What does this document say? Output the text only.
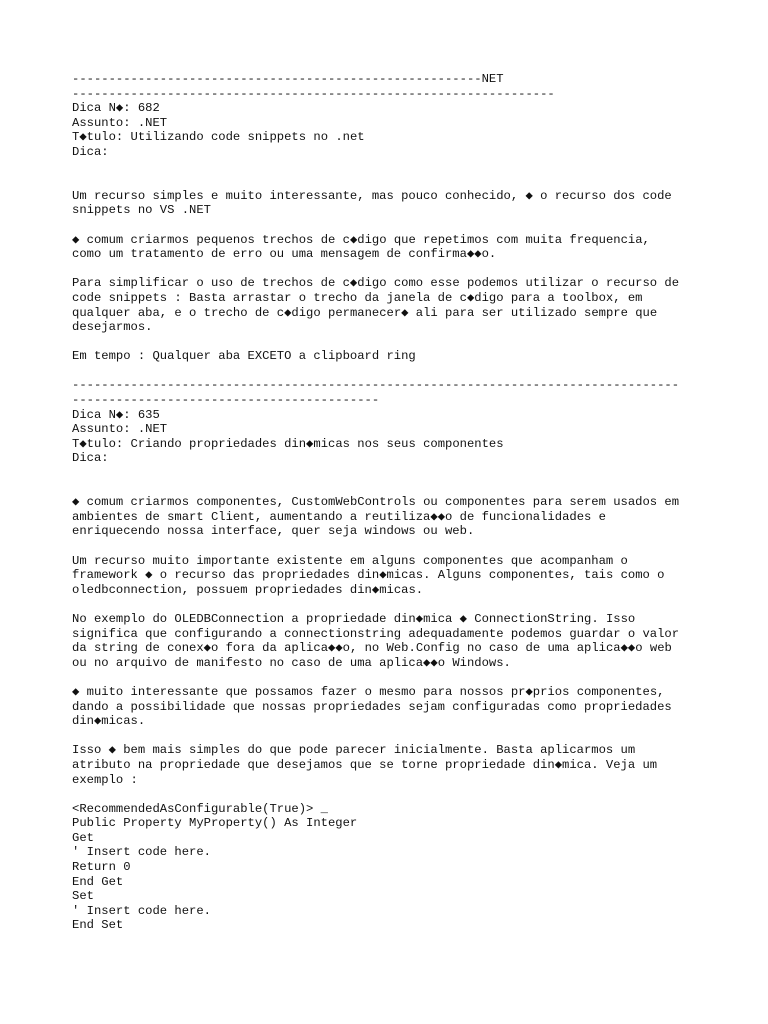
--------------------------------------------------------NET
------------------------------------------------------------------
Dica N◆: 682
Assunto: .NET
T◆tulo: Utilizando code snippets no .net
Dica:

Um recurso simples e muito interessante, mas pouco conhecido, ◆ o recurso dos code
snippets no VS .NET

◆ comum criarmos pequenos trechos de c◆digo que repetimos com muita frequencia,
como um tratamento de erro ou uma mensagem de confirma◆◆o.

Para simplificar o uso de trechos de c◆digo como esse podemos utilizar o recurso de
code snippets : Basta arrastar o trecho da janela de c◆digo para a toolbox, em
qualquer aba, e o trecho de c◆digo permanecer◆ ali para ser utilizado sempre que
desejarmos.

Em tempo : Qualquer aba EXCETO a clipboard ring

-----------------------------------------------------------------------------------
------------------------------------------
Dica N◆: 635
Assunto: .NET
T◆tulo: Criando propriedades din◆micas nos seus componentes
Dica:

◆ comum criarmos componentes, CustomWebControls ou componentes para serem usados em
ambientes de smart Client, aumentando a reutiliza◆◆o de funcionalidades e
enriquecendo nossa interface, quer seja windows ou web.

Um recurso muito importante existente em alguns componentes que acompanham o
framework ◆ o recurso das propriedades din◆micas. Alguns componentes, tais como o
oledbconnection, possuem propriedades din◆micas.

No exemplo do OLEDBConnection a propriedade din◆mica ◆ ConnectionString. Isso
significa que configurando a connectionstring adequadamente podemos guardar o valor
da string de conex◆o fora da aplica◆◆o, no Web.Config no caso de uma aplica◆◆o web
ou no arquivo de manifesto no caso de uma aplica◆◆o Windows.

◆ muito interessante que possamos fazer o mesmo para nossos pr◆prios componentes,
dando a possibilidade que nossas propriedades sejam configuradas como propriedades
din◆micas.

Isso ◆ bem mais simples do que pode parecer inicialmente. Basta aplicarmos um
atributo na propriedade que desejamos que se torne propriedade din◆mica. Veja um
exemplo :

<RecommendedAsConfigurable(True)> _
Public Property MyProperty() As Integer
Get
' Insert code here.
Return 0
End Get
Set
' Insert code here.
End Set
